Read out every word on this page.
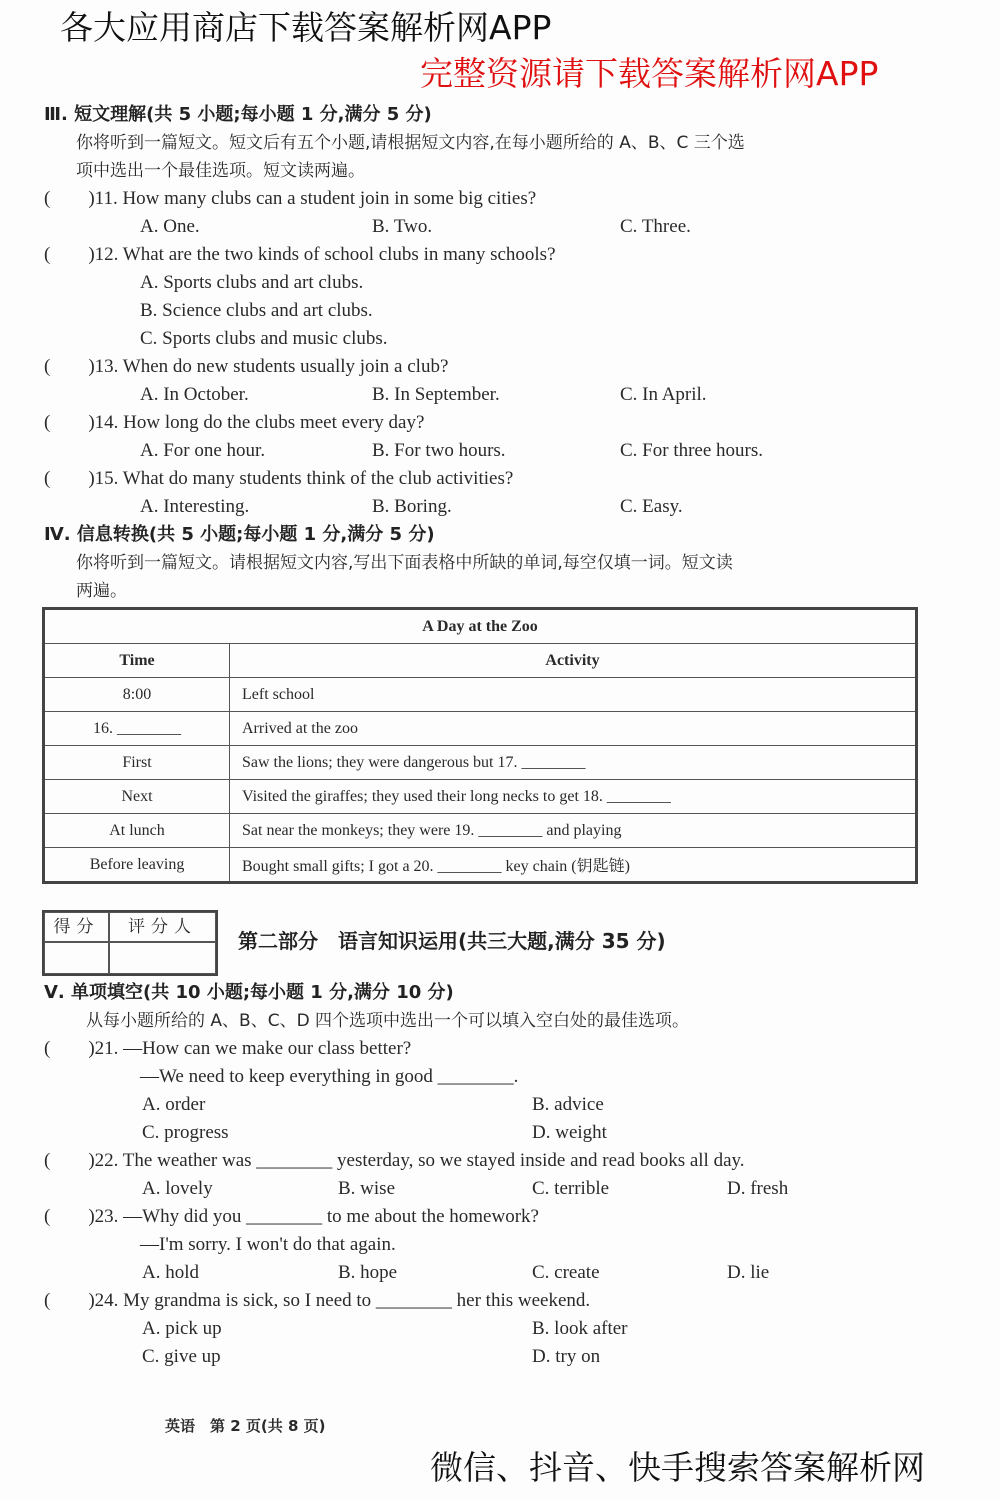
各大应用商店下载答案解析网APP
完整资源请下载答案解析网APP
Ⅲ. 短文理解(共 5 小题;每小题 1 分,满分 5 分)
你将听到一篇短文。短文后有五个小题,请根据短文内容,在每小题所给的 A、B、C 三个选
项中选出一个最佳选项。短文读两遍。
(　　)11. How many clubs can a student join in some big cities?
A. One.	B. Two.	C. Three.
(　　)12. What are the two kinds of school clubs in many schools?
A. Sports clubs and art clubs.
B. Science clubs and art clubs.
C. Sports clubs and music clubs.
(　　)13. When do new students usually join a club?
A. In October.	B. In September.	C. In April.
(　　)14. How long do the clubs meet every day?
A. For one hour.	B. For two hours.	C. For three hours.
(　　)15. What do many students think of the club activities?
A. Interesting.	B. Boring.	C. Easy.
Ⅳ. 信息转换(共 5 小题;每小题 1 分,满分 5 分)
你将听到一篇短文。请根据短文内容,写出下面表格中所缺的单词,每空仅填一词。短文读
两遍。
A Day at the Zoo	
Time	Activity
8:00	Left school
16. ________	Arrived at the zoo
First	Saw the lions; they were dangerous but 17. ________
Next	Visited the giraffes; they used their long necks to get 18. ________
At lunch	Sat near the monkeys; they were 19. ________ and playing
Before leaving	Bought small gifts; I got a 20. ________ key chain (钥匙链)
得分	评分人
第二部分　语言知识运用(共三大题,满分 35 分)
Ⅴ. 单项填空(共 10 小题;每小题 1 分,满分 10 分)
从每小题所给的 A、B、C、D 四个选项中选出一个可以填入空白处的最佳选项。
(　　)21. —How can we make our class better?
—We need to keep everything in good ________.
A. order	B. advice
C. progress	D. weight
(　　)22. The weather was ________ yesterday, so we stayed inside and read books all day.
A. lovely	B. wise	C. terrible	D. fresh
(　　)23. —Why did you ________ to me about the homework?
—I'm sorry. I won't do that again.
A. hold	B. hope	C. create	D. lie
(　　)24. My grandma is sick, so I need to ________ her this weekend.
A. pick up	B. look after
C. give up	D. try on
英语　第 2 页(共 8 页)
微信、抖音、快手搜索答案解析网
